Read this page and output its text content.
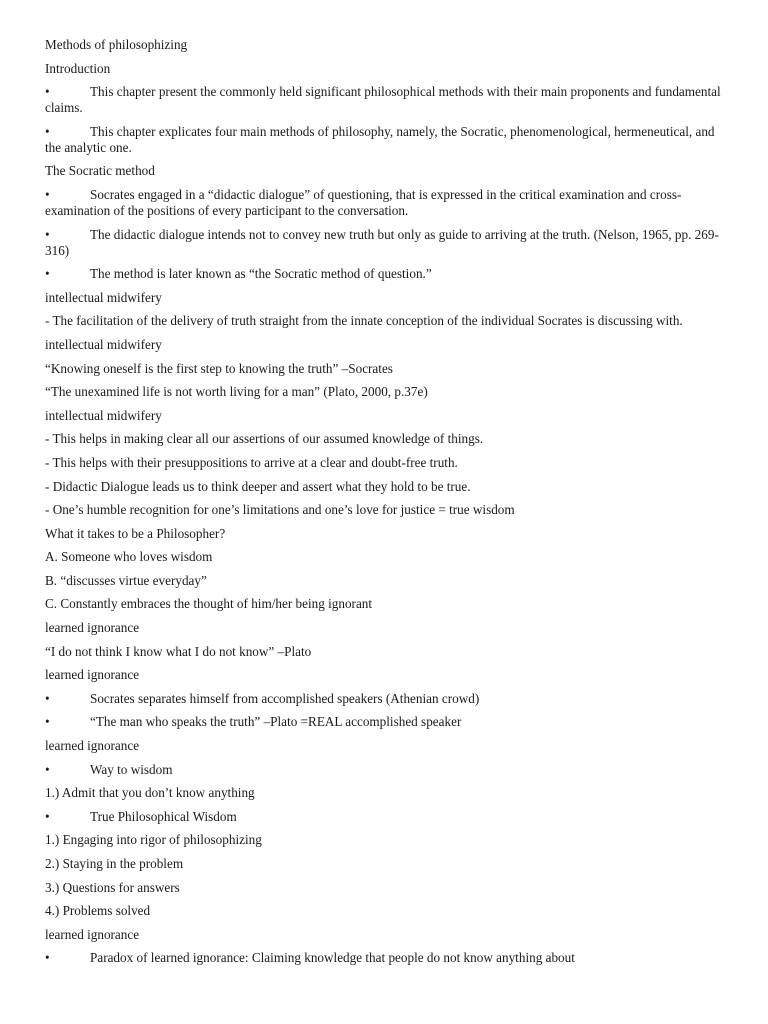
Methods of philosophizing
Introduction
•	This chapter present the commonly held significant philosophical methods with their main proponents and fundamental claims.
•	This chapter explicates four main methods of philosophy, namely, the Socratic, phenomenological, hermeneutical, and the analytic one.
The Socratic method
•	Socrates engaged in a “didactic dialogue” of questioning, that is expressed in the critical examination and cross-examination of the positions of every participant to the conversation.
•	The didactic dialogue intends not to convey new truth but only as guide to arriving at the truth. (Nelson, 1965, pp. 269-316)
•	The method is later known as “the Socratic method of question.”
intellectual midwifery
- The facilitation of the delivery of truth straight from the innate conception of the individual Socrates is discussing with.
intellectual midwifery
“Knowing oneself is the first step to knowing the truth” –Socrates
“The unexamined life is not worth living for a man” (Plato, 2000, p.37e)
intellectual midwifery
- This helps in making clear all our assertions of our assumed knowledge of things.
- This helps with their presuppositions to arrive at a clear and doubt-free truth.
- Didactic Dialogue leads us to think deeper and assert what they hold to be true.
- One’s humble recognition for one’s limitations and one’s love for justice = true wisdom
What it takes to be a Philosopher?
A. Someone who loves wisdom
B. “discusses virtue everyday”
C. Constantly embraces the thought of him/her being ignorant
learned ignorance
“I do not think I know what I do not know” –Plato
learned ignorance
•	Socrates separates himself from accomplished speakers (Athenian crowd)
•	“The man who speaks the truth” –Plato =REAL accomplished speaker
learned ignorance
•	Way to wisdom
1.) Admit that you don’t know anything
•	True Philosophical Wisdom
1.) Engaging into rigor of philosophizing
2.) Staying in the problem
3.) Questions for answers
4.) Problems solved
learned ignorance
•	Paradox of learned ignorance: Claiming knowledge that people do not know anything about
